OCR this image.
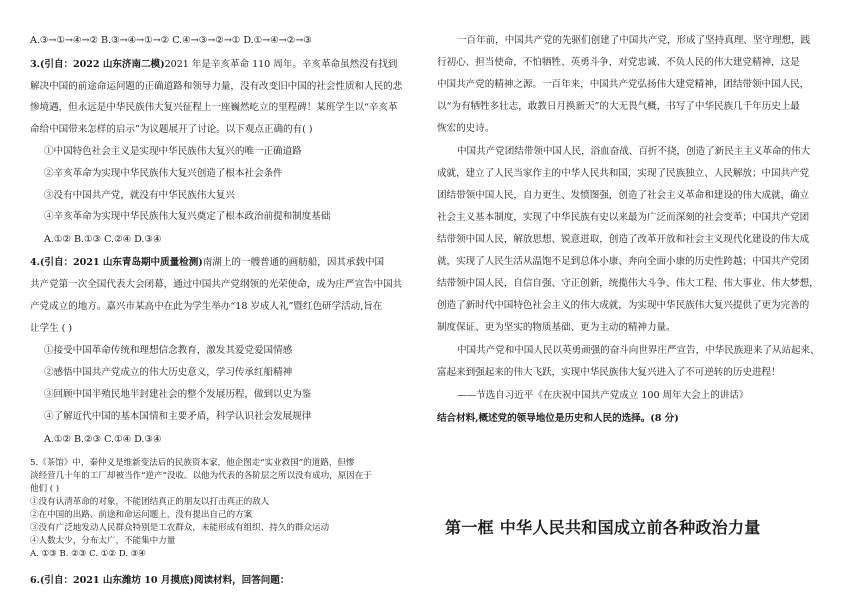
A.③→①→④→② B.③→④→①→② C.④→③→②→① D.①→④→②→③
3.(引自：2022 山东济南二模)2021 年是辛亥革命 110 周年。辛亥革命虽然没有找到
解决中国的前途命运问题的正确道路和领导力量，没有改变旧中国的社会性质和人民的悲
惨境遇，但永远是中华民族伟大复兴征程上一座巍然屹立的里程碑！某班学生以“辛亥革
命给中国带来怎样的启示”为议题展开了讨论。以下观点正确的有( )
①中国特色社会主义是实现中华民族伟大复兴的唯一正确道路
②辛亥革命为实现中华民族伟大复兴创造了根本社会条件
③没有中国共产党，就没有中华民族伟大复兴
④辛亥革命为实现中华民族伟大复兴奠定了根本政治前提和制度基础
A.①② B.①③ C.②④ D.③④
4.(引自：2021 山东青岛期中质量检测)南湖上的一艘普通的画舫船，因其承载中国
共产党第一次全国代表大会闭幕，通过中国共产党纲领的光荣使命，成为庄严宣告中国共
产党成立的地方。嘉兴市某高中在此为学生举办“18 岁成人礼”暨红色研学活动,旨在
让学生 ( )
①接受中国革命传统和理想信念教育，激发其爱党爱国情感
②感悟中国共产党成立的伟大历史意义，学习传承红船精神
③回顾中国半殖民地半封建社会的整个发展历程，做到以史为鉴
④了解近代中国的基本国情和主要矛盾，科学认识社会发展规律
A.①② B.②③ C.①④ D.③④
5.《茶馆》中，秦仲义是维新变法后的民族资本家，他企图走“实业救国”的道路，但惨
淡经营几十年的工厂却被当作“逆产”没收。以他为代表的各阶层之所以没有成功，原因在于
他们 ( )
①没有认清革命的对象，不能团结真正的朋友以打击真正的敌人
②在中国的出路、前途和命运问题上，没有提出自己的方案
③没有广泛地发动人民群众特别是工农群众，未能形成有组织、持久的群众运动
④人数太少，分布太广，不能集中力量
A. ①③ B. ②③ C. ①② D. ③④
6.(引自：2021 山东潍坊 10 月摸底)阅读材料，回答问题：
一百年前，中国共产党的先驱们创建了中国共产党，形成了坚持真理、坚守理想，践
行初心、担当使命，不怕牺牲、英勇斗争，对党忠诚、不负人民的伟大建党精神，这是
中国共产党的精神之源。一百年来，中国共产党弘扬伟大建党精神，团结带领中国人民，
以“为有牺牲多壮志，敢教日月换新天”的大无畏气概，书写了中华民族几千年历史上最
恢宏的史诗。
中国共产党团结带领中国人民，浴血奋战、百折不挠，创造了新民主主义革命的伟大
成就，建立了人民当家作主的中华人民共和国，实现了民族独立、人民解放；中国共产党
团结带领中国人民，自力更生、发愤图强，创造了社会主义革命和建设的伟大成就，确立
社会主义基本制度，实现了中华民族有史以来最为广泛而深刻的社会变革；中国共产党团
结带领中国人民，解放思想、锐意进取，创造了改革开放和社会主义现代化建设的伟大成
就，实现了人民生活从温饱不足到总体小康、奔向全面小康的历史性跨越；中国共产党团
结带领中国人民，自信自强、守正创新，统揽伟大斗争、伟大工程、伟大事业、伟大梦想，
创造了新时代中国特色社会主义的伟大成就，为实现中华民族伟大复兴提供了更为完善的
制度保证、更为坚实的物质基础、更为主动的精神力量。
中国共产党和中国人民以英勇顽强的奋斗向世界庄严宣告，中华民族迎来了从站起来、
富起来到强起来的伟大飞跃，实现中华民族伟大复兴进入了不可逆转的历史进程！
——节选自习近平《在庆祝中国共产党成立 100 周年大会上的讲话》
结合材料,概述党的领导地位是历史和人民的选择。(8 分)
第一框 中华人民共和国成立前各种政治力量
